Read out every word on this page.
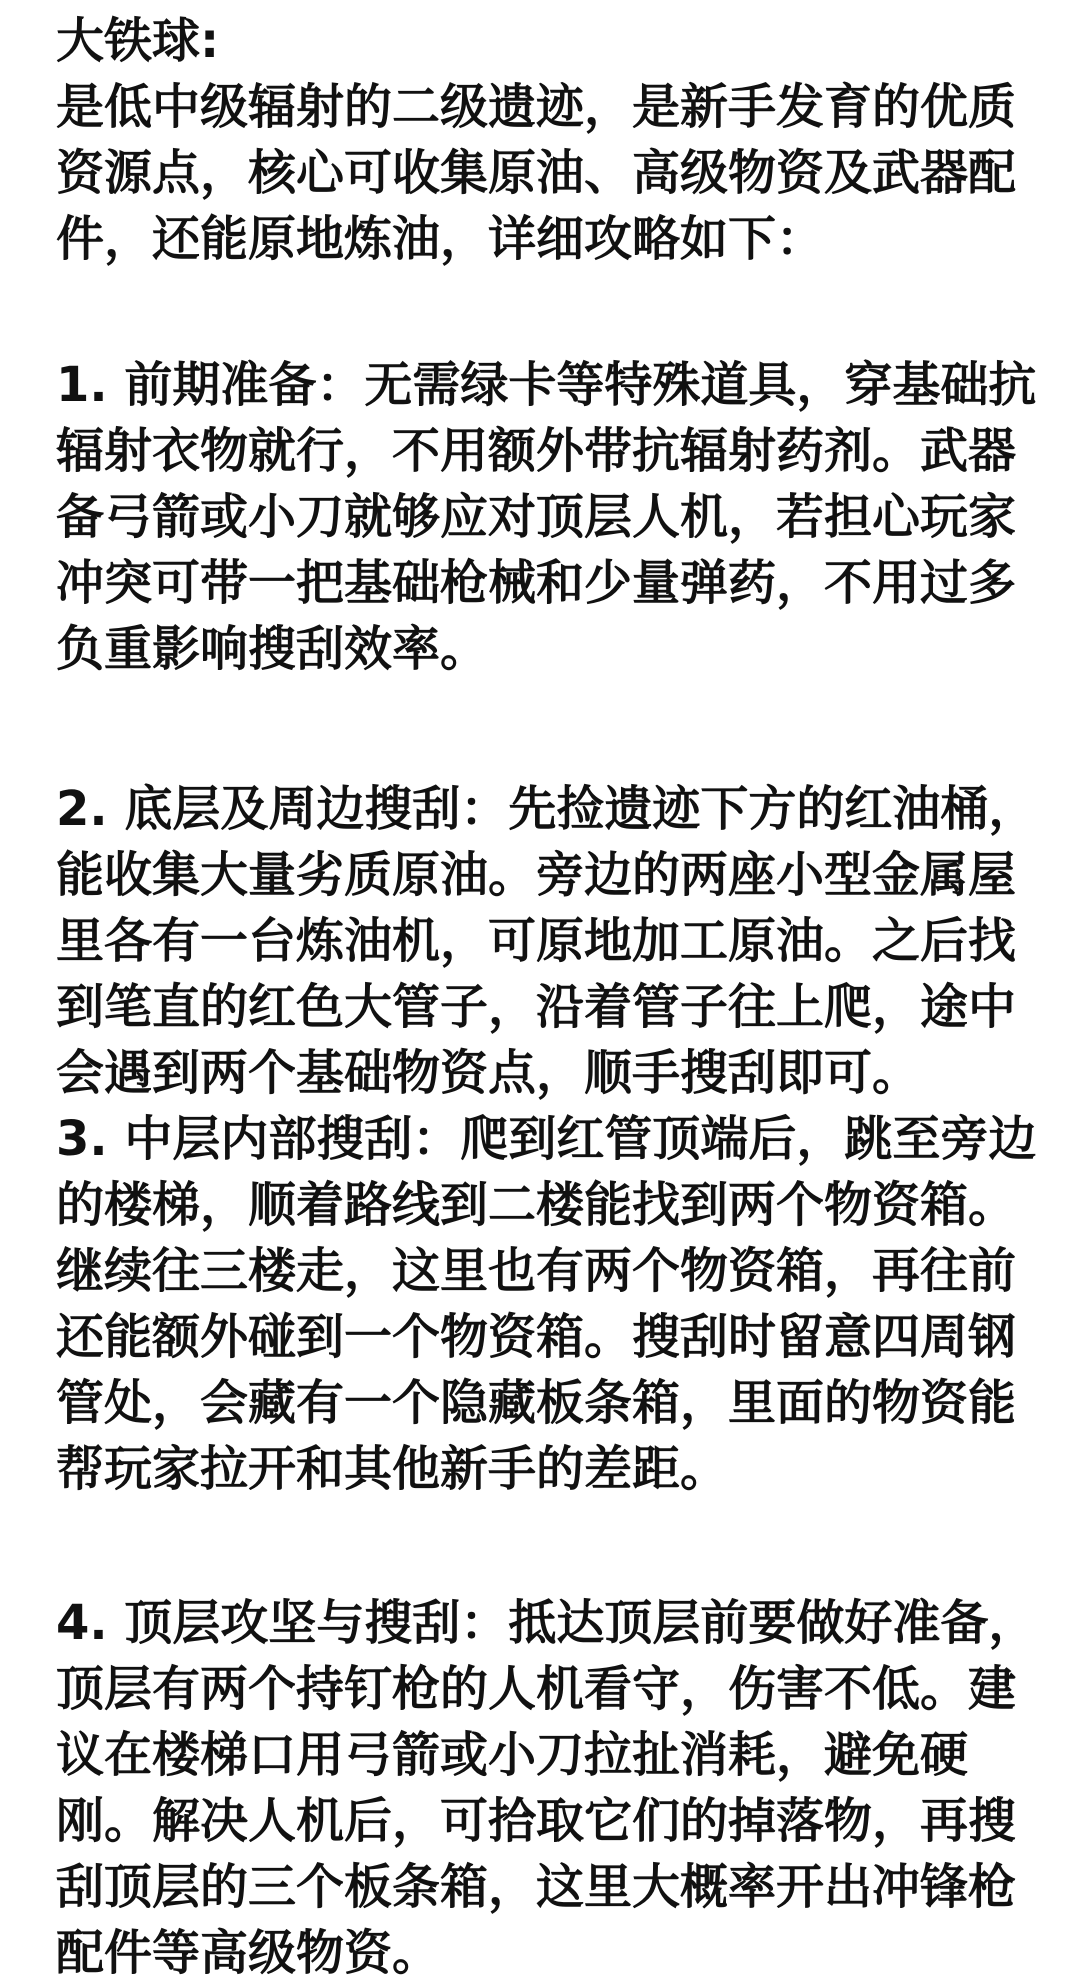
大铁球:
是低中级辐射的二级遗迹，是新手发育的优质
资源点，核心可收集原油、高级物资及武器配
件，还能原地炼油，详细攻略如下：
1. 前期准备：无需绿卡等特殊道具，穿基础抗
辐射衣物就行，不用额外带抗辐射药剂。武器
备弓箭或小刀就够应对顶层人机，若担心玩家
冲突可带一把基础枪械和少量弹药，不用过多
负重影响搜刮效率。
2. 底层及周边搜刮：先捡遗迹下方的红油桶，
能收集大量劣质原油。旁边的两座小型金属屋
里各有一台炼油机，可原地加工原油。之后找
到笔直的红色大管子，沿着管子往上爬，途中
会遇到两个基础物资点，顺手搜刮即可。
3. 中层内部搜刮：爬到红管顶端后，跳至旁边
的楼梯，顺着路线到二楼能找到两个物资箱。
继续往三楼走，这里也有两个物资箱，再往前
还能额外碰到一个物资箱。搜刮时留意四周钢
管处，会藏有一个隐藏板条箱，里面的物资能
帮玩家拉开和其他新手的差距。
4. 顶层攻坚与搜刮：抵达顶层前要做好准备，
顶层有两个持钉枪的人机看守，伤害不低。建
议在楼梯口用弓箭或小刀拉扯消耗，避免硬
刚。解决人机后，可拾取它们的掉落物，再搜
刮顶层的三个板条箱，这里大概率开出冲锋枪
配件等高级物资。
